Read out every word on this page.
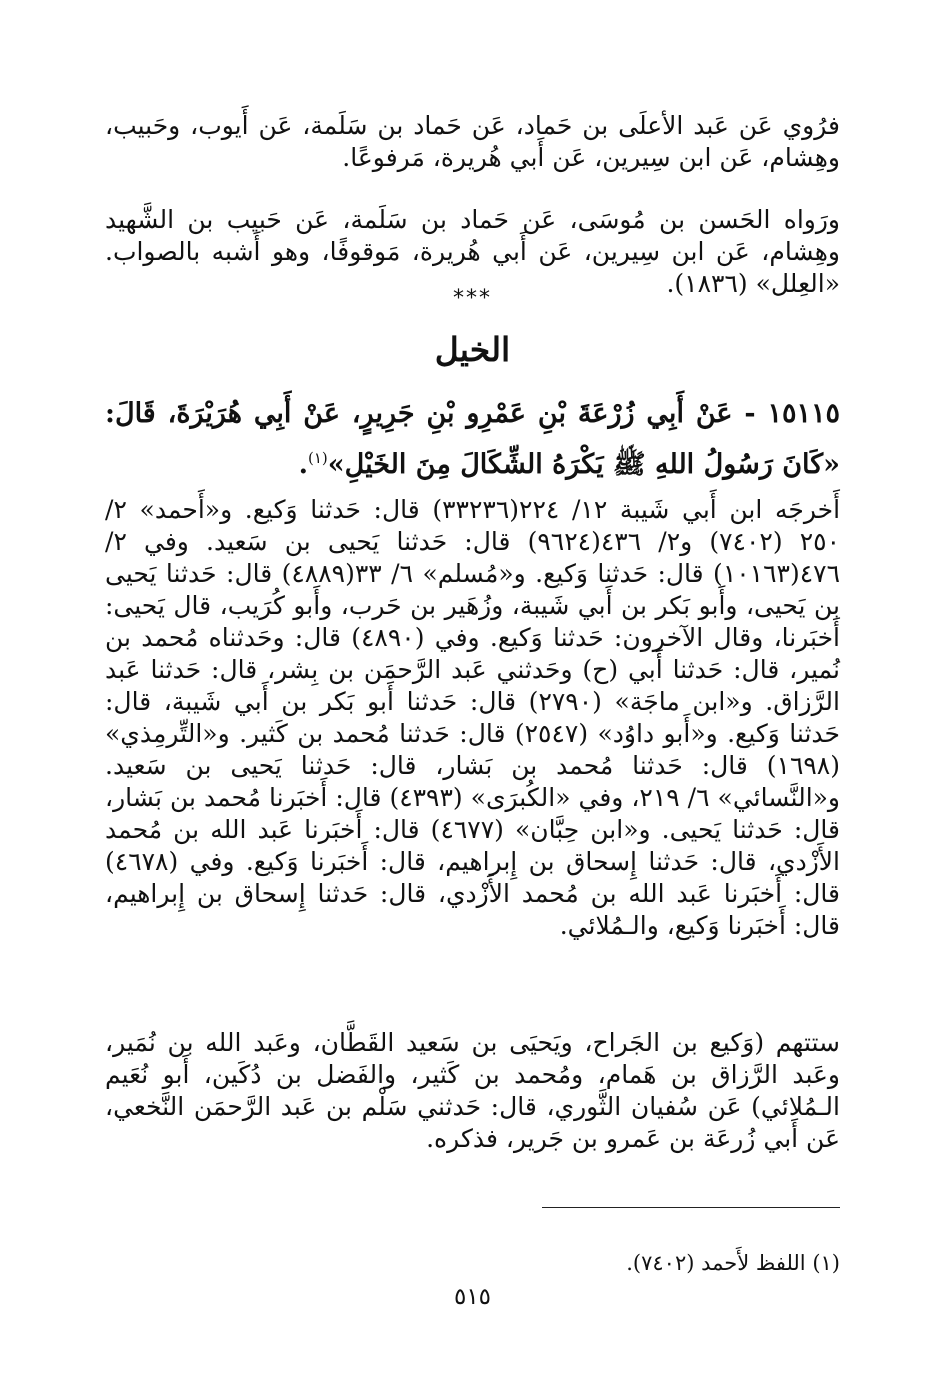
فرُوي عَن عَبد الأعلَى بن حَماد، عَن حَماد بن سَلَمة، عَن أَيوب، وحَبيب، وهِشام، عَن ابن سِيرين، عَن أَبي هُريرة، مَرفوعًا.

ورَواه الحَسن بن مُوسَى، عَن حَماد بن سَلَمة، عَن حَبيب بن الشَّهيد وهِشام، عَن ابن سِيرين، عَن أَبي هُريرة، مَوقوفًا، وهو أَشبه بالصواب. «العِلل» (١٨٣٦).

***
الخيل

١٥١١٥ - عَنْ أَبِي زُرْعَةَ بْنِ عَمْرِو بْنِ جَرِيرٍ، عَنْ أَبِي هُرَيْرَةَ، قَالَ: «كَانَ رَسُولُ اللهِ ﷺ يَكْرَهُ الشِّكَالَ مِنَ الخَيْلِ»$^{(١)}$.

أَخرجَه ابن أَبي شَيبة ١٢/ ٢٢٤(٣٣٢٣٦) قال: حَدثنا وَكيع. و«أَحمد» ٢/ ٢٥٠ (٧٤٠٢) و٢/ ٤٣٦(٩٦٢٤) قال: حَدثنا يَحيى بن سَعيد. وفي ٢/ ٤٧٦(١٠١٦٣) قال: حَدثنا وَكيع. و«مُسلم» ٦/ ٣٣(٤٨٨٩) قال: حَدثنا يَحيى بن يَحيى، وأَبو بَكر بن أَبي شَيبة، وزُهَير بن حَرب، وأَبو كُرَيب، قال يَحيى: أَخبَرنا، وقال الآخرون: حَدثنا وَكيع. وفي (٤٨٩٠) قال: وحَدثناه مُحمد بن نُمير، قال: حَدثنا أَبي (ح) وحَدثني عَبد الرَّحمَن بن بِشر، قال: حَدثنا عَبد الرَّزاق. و«ابن ماجَة» (٢٧٩٠) قال: حَدثنا أَبو بَكر بن أَبي شَيبة، قال: حَدثنا وَكيع. و«أَبو داوُد» (٢٥٤٧) قال: حَدثنا مُحمد بن كَثير. و«التِّرمِذي» (١٦٩٨) قال: حَدثنا مُحمد بن بَشار، قال: حَدثنا يَحيى بن سَعيد. و«النَّسائي» ٦/ ٢١٩، وفي «الكُبرَى» (٤٣٩٣) قال: أَخبَرنا مُحمد بن بَشار، قال: حَدثنا يَحيى. و«ابن حِبَّان» (٤٦٧٧) قال: أَخبَرنا عَبد الله بن مُحمد الأَزْدي، قال: حَدثنا إِسحاق بن إِبراهيم، قال: أَخبَرنا وَكيع. وفي (٤٦٧٨) قال: أَخبَرنا عَبد الله بن مُحمد الأَزْدي، قال: حَدثنا إِسحاق بن إِبراهيم، قال: أَخبَرنا وَكيع، والـمُلائي.

ستتهم (وَكيع بن الجَراح، ويَحيَى بن سَعيد القَطَّان، وعَبد الله بن نُمَير، وعَبد الرَّزاق بن هَمام، ومُحمد بن كَثير، والفَضل بن دُكَين، أَبو نُعَيم الـمُلائي) عَن سُفيان الثَّوري، قال: حَدثني سَلْم بن عَبد الرَّحمَن النَّخعي، عَن أَبي زُرعَة بن عَمرو بن جَرير، فذكره.

(١) اللفظ لأَحمد (٧٤٠٢).

٥١٥
